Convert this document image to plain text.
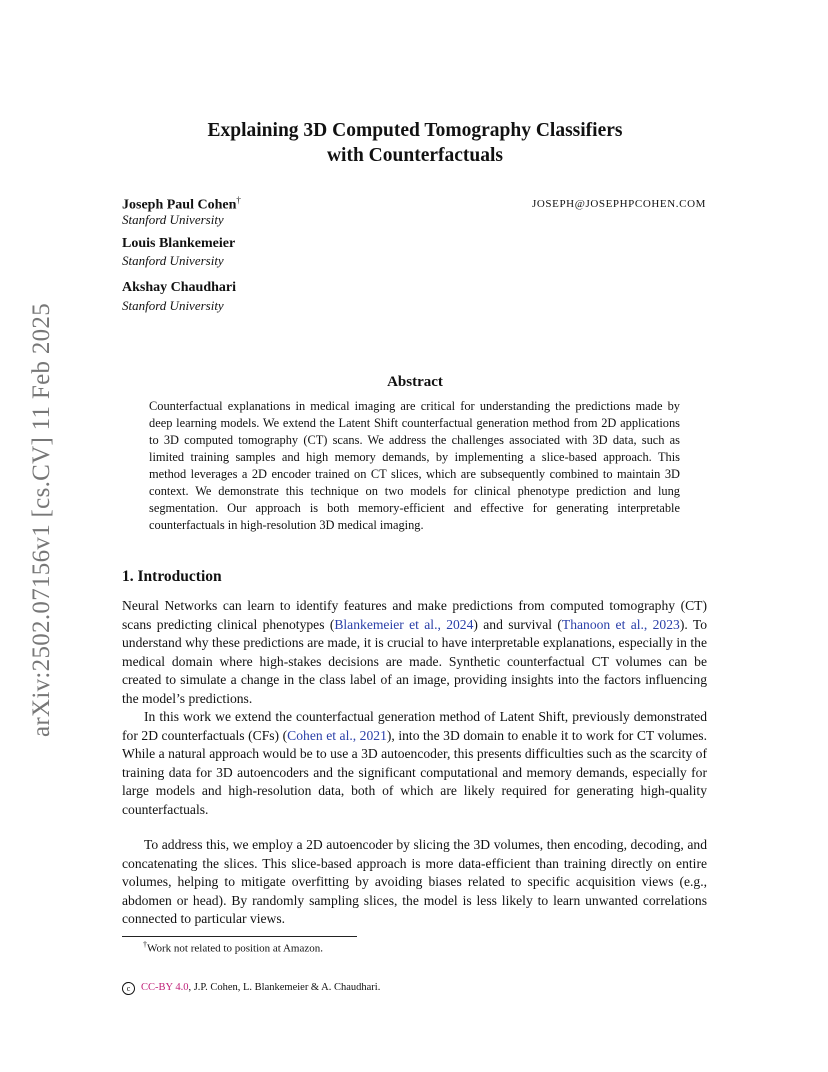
arXiv:2502.07156v1 [cs.CV] 11 Feb 2025
Explaining 3D Computed Tomography Classifiers
with Counterfactuals
Joseph Paul Cohen†
Stanford University
JOSEPH@JOSEPHPCOHEN.COM
Louis Blankemeier
Stanford University
Akshay Chaudhari
Stanford University
Abstract
Counterfactual explanations in medical imaging are critical for understanding the predictions made by deep learning models. We extend the Latent Shift counterfactual generation method from 2D applications to 3D computed tomography (CT) scans. We address the challenges associated with 3D data, such as limited training samples and high memory demands, by implementing a slice-based approach. This method leverages a 2D encoder trained on CT slices, which are subsequently combined to maintain 3D context. We demonstrate this technique on two models for clinical phenotype prediction and lung segmentation. Our approach is both memory-efficient and effective for generating interpretable counterfactuals in high-resolution 3D medical imaging.
1. Introduction
Neural Networks can learn to identify features and make predictions from computed tomography (CT) scans predicting clinical phenotypes (Blankemeier et al., 2024) and survival (Thanoon et al., 2023). To understand why these predictions are made, it is crucial to have interpretable explanations, especially in the medical domain where high-stakes decisions are made. Synthetic counterfactual CT volumes can be created to simulate a change in the class label of an image, providing insights into the factors influencing the model’s predictions.
In this work we extend the counterfactual generation method of Latent Shift, previously demonstrated for 2D counterfactuals (CFs) (Cohen et al., 2021), into the 3D domain to enable it to work for CT volumes. While a natural approach would be to use a 3D autoencoder, this presents difficulties such as the scarcity of training data for 3D autoencoders and the significant computational and memory demands, especially for large models and high-resolution data, both of which are likely required for generating high-quality counterfactuals.
To address this, we employ a 2D autoencoder by slicing the 3D volumes, then encoding, decoding, and concatenating the slices. This slice-based approach is more data-efficient than training directly on entire volumes, helping to mitigate overfitting by avoiding biases related to specific acquisition views (e.g., abdomen or head). By randomly sampling slices, the model is less likely to learn unwanted correlations connected to particular views.
†Work not related to position at Amazon.
c CC-BY 4.0, J.P. Cohen, L. Blankemeier & A. Chaudhari.
